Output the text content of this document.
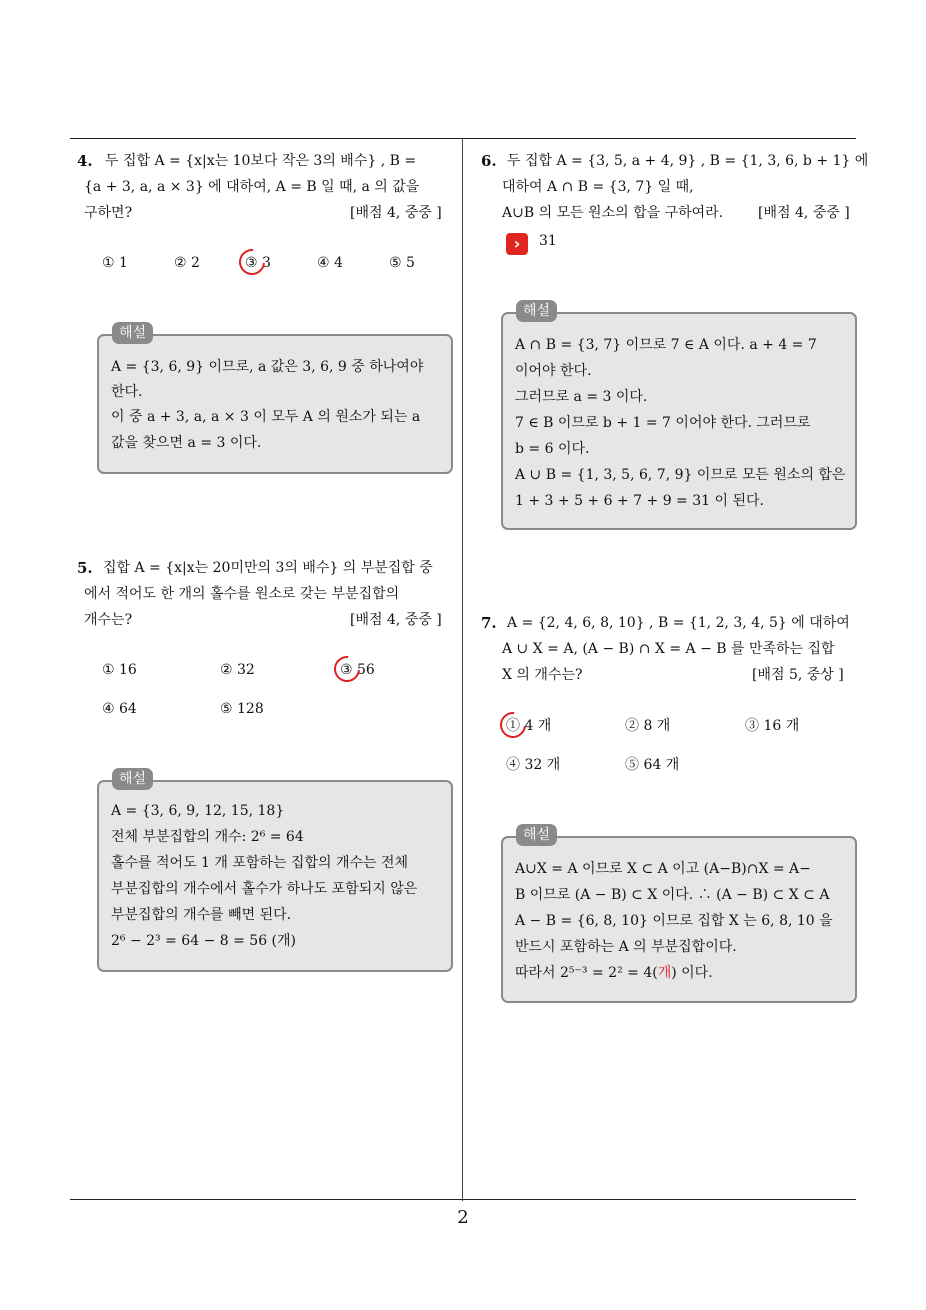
2
4. 두 집합 A = {x|x는 10보다 작은 3의 배수} , B =
{a + 3, a, a × 3} 에 대하여, A = B 일 때, a 의 값을
구하면?	[배점 4, 중중 ]
① 1	② 2	③ 3	④ 4	⑤ 5
A = {3, 6, 9} 이므로, a 값은 3, 6, 9 중 하나여야
한다.
이 중 a + 3, a, a × 3 이 모두 A 의 원소가 되는 a
값을 찾으면 a = 3 이다.
해설
5. 집합 A = {x|x는 20미만의 3의 배수} 의 부분집합 중
에서 적어도 한 개의 홀수를 원소로 갖는 부분집합의
개수는?	[배점 4, 중중 ]
① 16	② 32	③ 56
④ 64	⑤ 128
A = {3, 6, 9, 12, 15, 18}
전체 부분집합의 개수: 2⁶ = 64
홀수를 적어도 1 개 포함하는 집합의 개수는 전체
부분집합의 개수에서 홀수가 하나도 포함되지 않은
부분집합의 개수를 빼면 된다.
2⁶ − 2³ = 64 − 8 = 56 (개)
해설
6. 두 집합 A = {3, 5, a + 4, 9} , B = {1, 3, 6, b + 1} 에
대하여 A ∩ B = {3, 7} 일 때,
A∪B 의 모든 원소의 합을 구하여라. [배점 4, 중중 ]
›	31
A ∩ B = {3, 7} 이므로 7 ∈ A 이다. a + 4 = 7
이어야 한다.
그러므로 a = 3 이다.
7 ∈ B 이므로 b + 1 = 7 이어야 한다. 그러므로
b = 6 이다.
A ∪ B = {1, 3, 5, 6, 7, 9} 이므로 모든 원소의 합은
1 + 3 + 5 + 6 + 7 + 9 = 31 이 된다.
해설
7. A = {2, 4, 6, 8, 10} , B = {1, 2, 3, 4, 5} 에 대하여
A ∪ X = A, (A − B) ∩ X = A − B 를 만족하는 집합
X 의 개수는?	[배점 5, 중상 ]
① 4 개	② 8 개	③ 16 개
④ 32 개	⑤ 64 개
A∪X = A 이므로 X ⊂ A 이고 (A−B)∩X = A−
B 이므로 (A − B) ⊂ X 이다. ∴ (A − B) ⊂ X ⊂ A
A − B = {6, 8, 10} 이므로 집합 X 는 6, 8, 10 을
반드시 포함하는 A 의 부분집합이다.
따라서 2⁵⁻³ = 2² = 4(개) 이다.
해설
